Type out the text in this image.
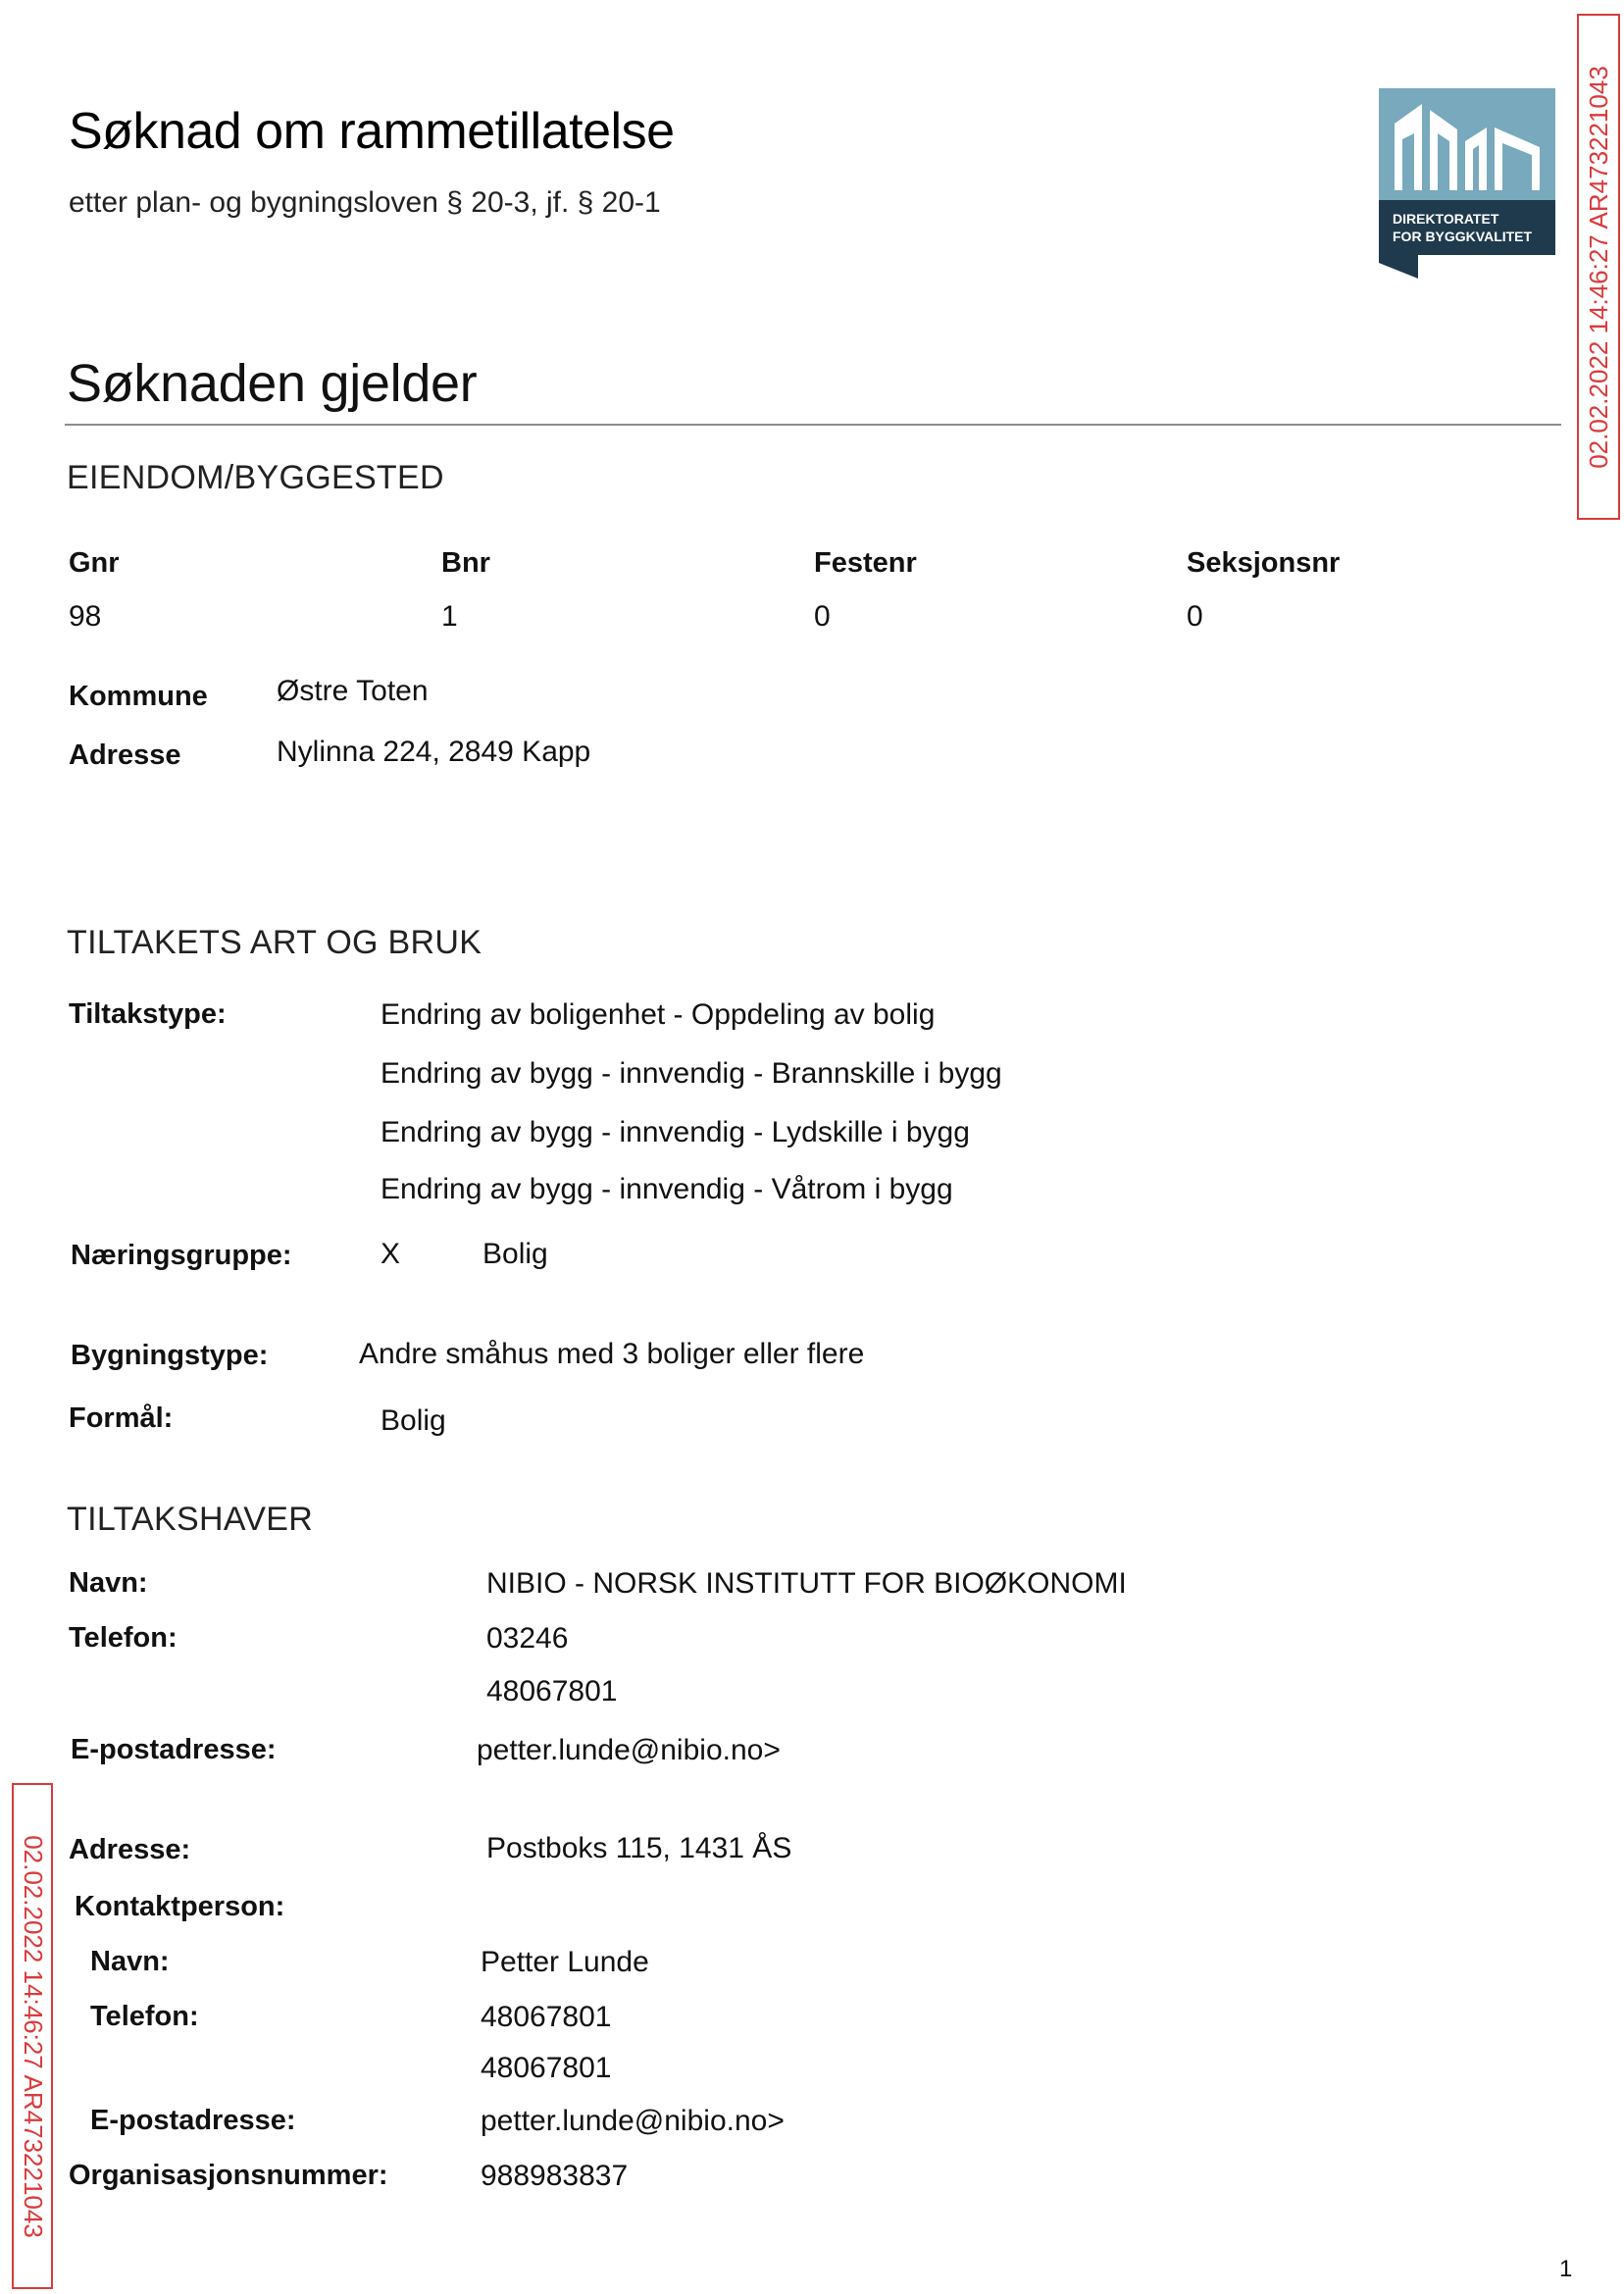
Søknad om rammetillatelse
etter plan- og bygningsloven § 20-3, jf. § 20-1	DIREKTORATET
FOR BYGGKVALITET 02.02.2022 14:46:27 AR473221043
02.02.2022 14:46:27 AR473221043
Søknaden gjelder
EIENDOM/BYGGESTED
Gnr	Bnr	Festenr	Seksjonsnr
98	1	0	0
Kommune Østre Toten
Adresse	Nylinna 224, 2849 Kapp
TILTAKETS ART OG BRUK
Tiltakstype:	Endring av boligenhet - Oppdeling av bolig
Endring av bygg - innvendig - Brannskille i bygg
Endring av bygg - innvendig - Lydskille i bygg
Endring av bygg - innvendig - Våtrom i bygg
Næringsgruppe:	X	Bolig
Bygningstype:	Andre småhus med 3 boliger eller flere
Formål:	Bolig
TILTAKSHAVER
Navn:	NIBIO - NORSK INSTITUTT FOR BIOØKONOMI
Telefon:	03246
48067801
E-postadresse:	petter.lunde@nibio.no>
Adresse:	Postboks 115, 1431 ÅS
Kontaktperson:
Navn:	Petter Lunde
Telefon:	48067801
48067801
E-postadresse:	petter.lunde@nibio.no>
Organisasjonsnummer:	988983837
1
